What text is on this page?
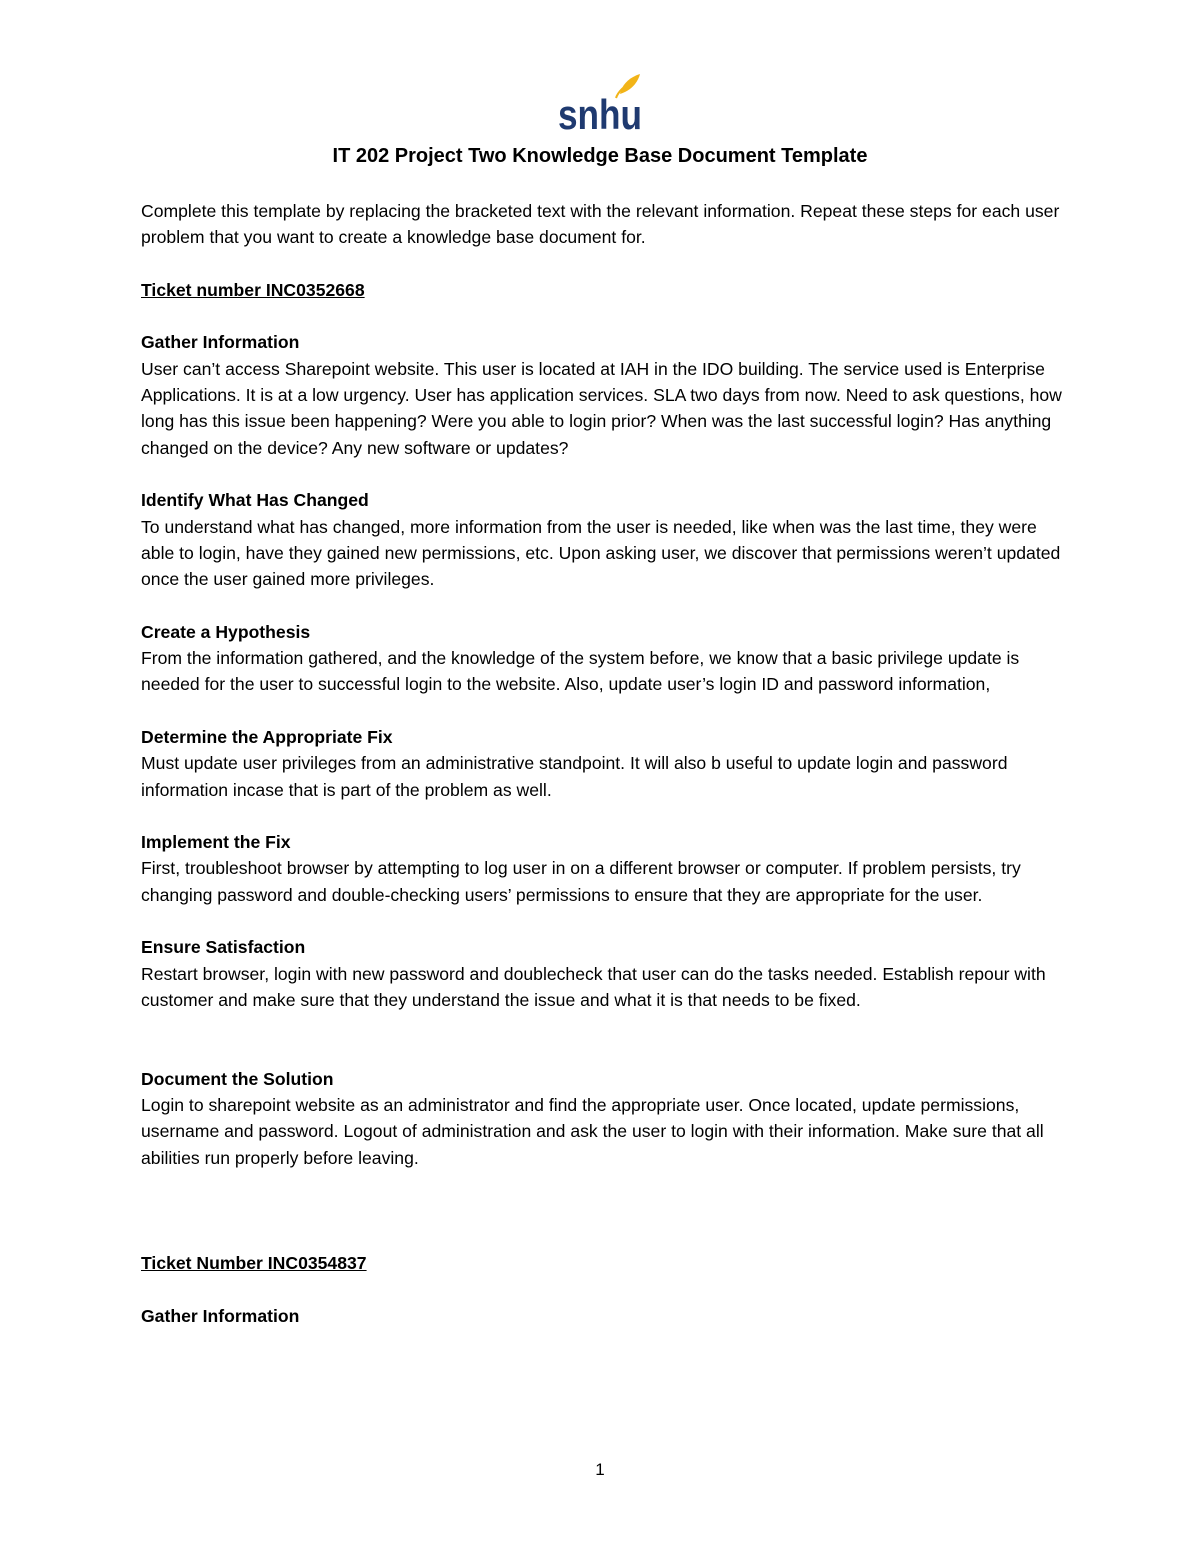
snhu
IT 202 Project Two Knowledge Base Document Template

Complete this template by replacing the bracketed text with the relevant information. Repeat these steps for each user problem that you want to create a knowledge base document for.

Ticket number INC0352668

Gather Information

User can’t access Sharepoint website. This user is located at IAH in the IDO building. The service used is Enterprise Applications. It is at a low urgency. User has application services. SLA two days from now. Need to ask questions, how long has this issue been happening? Were you able to login prior? When was the last successful login? Has anything changed on the device? Any new software or updates?

Identify What Has Changed

To understand what has changed, more information from the user is needed, like when was the last time, they were able to login, have they gained new permissions, etc. Upon asking user, we discover that permissions weren’t updated once the user gained more privileges.

Create a Hypothesis

From the information gathered, and the knowledge of the system before, we know that a basic privilege update is needed for the user to successful login to the website. Also, update user’s login ID and password information,

Determine the Appropriate Fix

Must update user privileges from an administrative standpoint. It will also b useful to update login and password information incase that is part of the problem as well.

Implement the Fix

First, troubleshoot browser by attempting to log user in on a different browser or computer. If problem persists, try changing password and double-checking users’ permissions to ensure that they are appropriate for the user.

Ensure Satisfaction

Restart browser, login with new password and doublecheck that user can do the tasks needed. Establish repour with customer and make sure that they understand the issue and what it is that needs to be fixed.

Document the Solution

Login to sharepoint website as an administrator and find the appropriate user. Once located, update permissions, username and password. Logout of administration and ask the user to login with their information. Make sure that all abilities run properly before leaving.

Ticket Number INC0354837

Gather Information

1
